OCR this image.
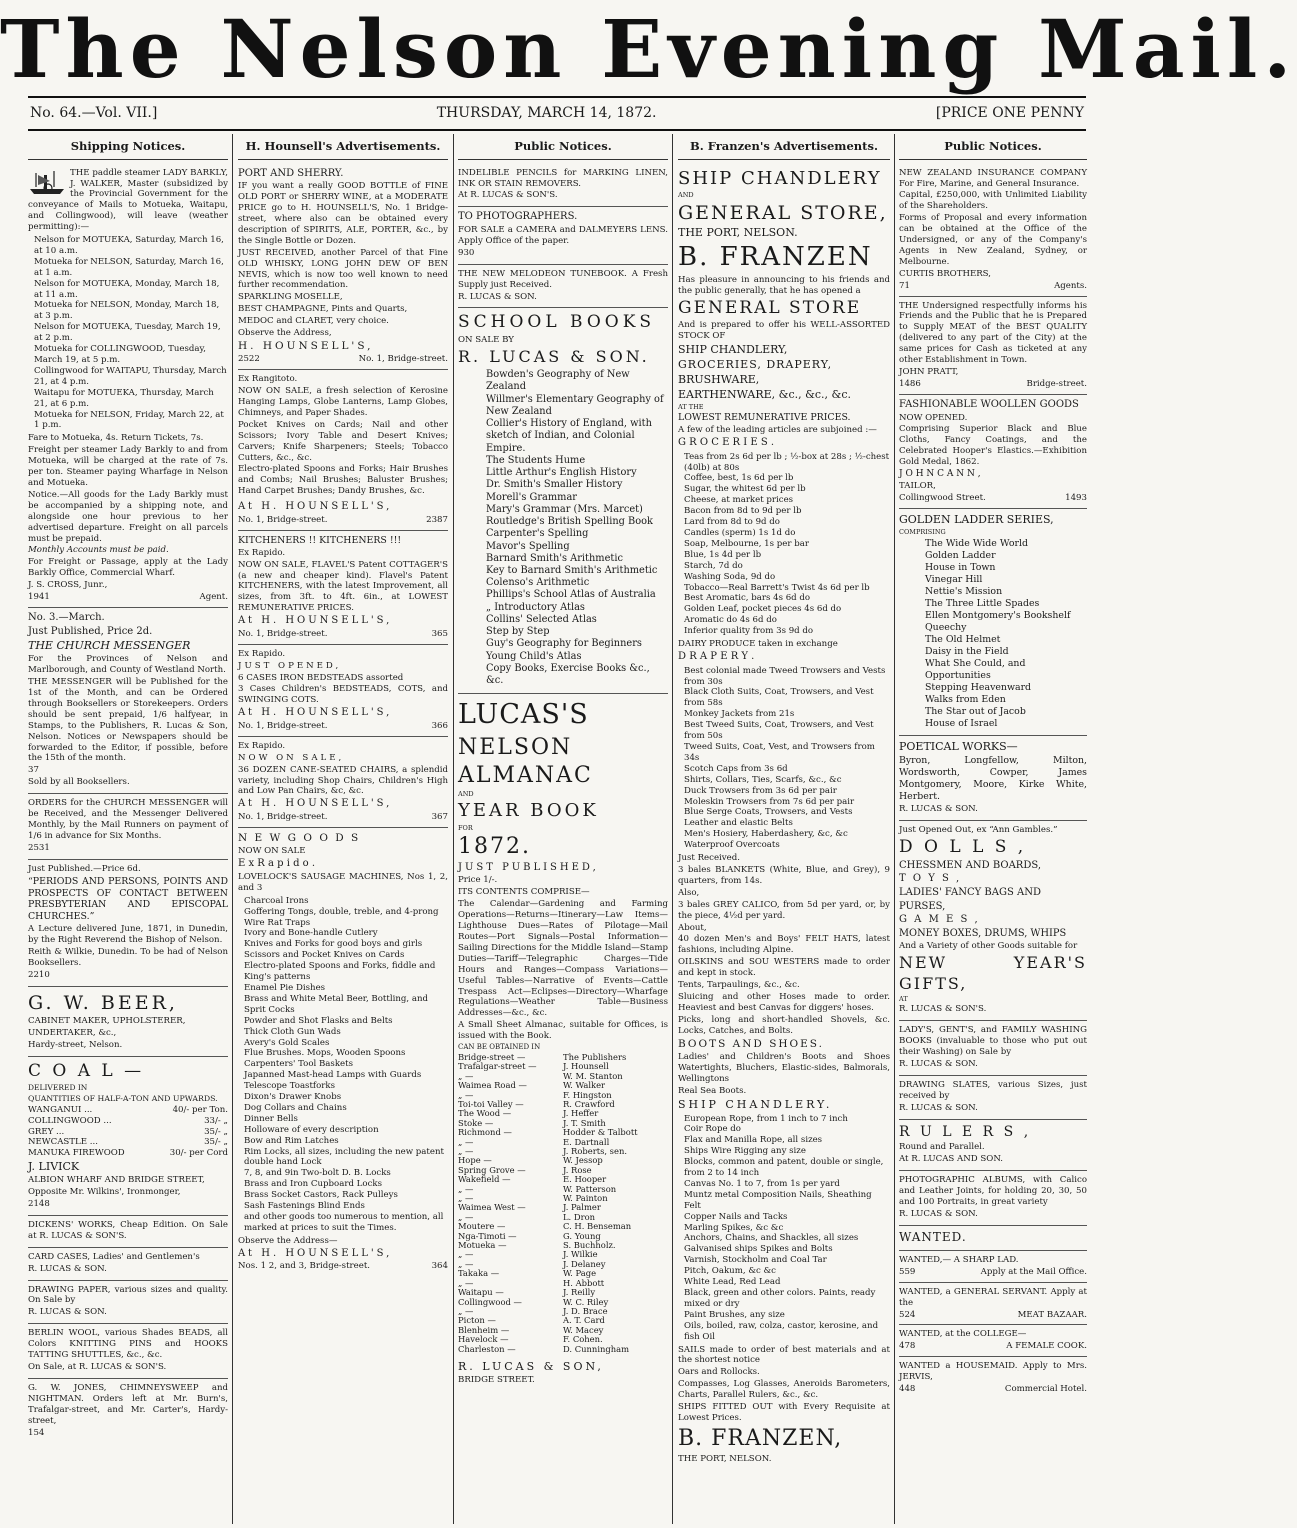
The Nelson Evening Mail.
No. 64.—Vol. VII.]	THURSDAY, MARCH 14, 1872.	[PRICE ONE PENNY
Shipping Notices.

THE paddle steamer LADY BARKLY, J. WALKER, Master (subsidized by the Provincial Government for the conveyance of Mails to Motueka, Waitapu, and Collingwood), will leave (weather permitting):—

Nelson for MOTUEKA, Saturday, March 16, at 10 a.m.
Motueka for NELSON, Saturday, March 16, at 1 a.m.
Nelson for MOTUEKA, Monday, March 18, at 11 a.m.
Motueka for NELSON, Monday, March 18, at 3 p.m.
Nelson for MOTUEKA, Tuesday, March 19, at 2 p.m.
Motueka for COLLINGWOOD, Tuesday, March 19, at 5 p.m.
Collingwood for WAITAPU, Thursday, March 21, at 4 p.m.
Waitapu for MOTUEKA, Thursday, March 21, at 6 p.m.
Motueka for NELSON, Friday, March 22, at 1 p.m.

Fare to Motueka, 4s. Return Tickets, 7s.

Freight per steamer Lady Barkly to and from Motueka, will be charged at the rate of 7s. per ton. Steamer paying Wharfage in Nelson and Motueka.

Notice.—All goods for the Lady Barkly must be accompanied by a shipping note, and alongside one hour previous to her advertised departure. Freight on all parcels must be prepaid.

Monthly Accounts must be paid.

For Freight or Passage, apply at the Lady Barkly Office, Commercial Wharf.

J. S. CROSS, Junr.,

1941	Agent.

No. 3.—March.

Just Published, Price 2d.

THE CHURCH MESSENGER

For the Provinces of Nelson and Marlborough, and County of Westland North.

THE MESSENGER will be Published for the 1st of the Month, and can be Ordered through Booksellers or Storekeepers. Orders should be sent prepaid, 1/6 halfyear, in Stamps, to the Publishers, R. Lucas & Son, Nelson. Notices or Newspapers should be forwarded to the Editor, if possible, before the 15th of the month.

37

Sold by all Booksellers.

ORDERS for the CHURCH MESSENGER will be Received, and the Messenger Delivered Monthly, by the Mail Runners on payment of 1/6 in advance for Six Months.

2531

Just Published.—Price 6d.

“PERIODS AND PERSONS, POINTS AND PROSPECTS OF CONTACT BETWEEN PRESBYTERIAN AND EPISCOPAL CHURCHES.”

A Lecture delivered June, 1871, in Dunedin, by the Right Reverend the Bishop of Nelson.

Reith & Wilkie, Dunedin. To be had of Nelson Booksellers.

2210

G. W. BEER,

CABINET MAKER, UPHOLSTERER,

UNDERTAKER, &c.,

Hardy-street, Nelson.

C O A L —

DELIVERED IN

QUANTITIES OF HALF-A-TON AND UPWARDS.

WANGANUI ...	40/- per Ton.
COLLINGWOOD ...	33/- „
GREY ...	35/- „
NEWCASTLE ...	35/- „
MANUKA FIREWOOD	30/- per Cord

J. LIVICK

ALBION WHARF AND BRIDGE STREET,

Opposite Mr. Wilkins', Ironmonger,

2148

DICKENS' WORKS, Cheap Edition. On Sale at R. LUCAS & SON'S.

CARD CASES, Ladies' and Gentlemen's

R. LUCAS & SON.

DRAWING PAPER, various sizes and quality. On Sale by

R. LUCAS & SON.

BERLIN WOOL, various Shades BEADS, all Colors KNITTING PINS and HOOKS TATTING SHUTTLES, &c., &c.

On Sale, at R. LUCAS & SON'S.

G. W. JONES, CHIMNEYSWEEP and NIGHTMAN. Orders left at Mr. Burn's, Trafalgar-street, and Mr. Carter's, Hardy-street,

154

H. Hounsell's Advertisements.

PORT AND SHERRY.

IF you want a really GOOD BOTTLE of FINE OLD PORT or SHERRY WINE, at a MODERATE PRICE go to H. HOUNSELL'S, No. 1 Bridge-street, where also can be obtained every description of SPIRITS, ALE, PORTER, &c., by the Single Bottle or Dozen.

JUST RECEIVED, another Parcel of that Fine OLD WHISKY, LONG JOHN DEW OF BEN NEVIS, which is now too well known to need further recommendation.

SPARKLING MOSELLE,

BEST CHAMPAGNE, Pints and Quarts,

MEDOC and CLARET, very choice.

Observe the Address,

H. HOUNSELL'S,

2522	No. 1, Bridge-street.

Ex Rangitoto.

NOW ON SALE, a fresh selection of Kerosine Hanging Lamps, Globe Lanterns, Lamp Globes, Chimneys, and Paper Shades.

Pocket Knives on Cards; Nail and other Scissors; Ivory Table and Desert Knives; Carvers; Knife Sharpeners; Steels; Tobacco Cutters, &c., &c.

Electro-plated Spoons and Forks; Hair Brushes and Combs; Nail Brushes; Baluster Brushes; Hand Carpet Brushes; Dandy Brushes, &c.

At H. HOUNSELL'S,

No. 1, Bridge-street.	2387

KITCHENERS !! KITCHENERS !!!

Ex Rapido.

NOW ON SALE, FLAVEL'S Patent COTTAGER'S (a new and cheaper kind). Flavel's Patent KITCHENERS, with the latest Improvement, all sizes, from 3ft. to 4ft. 6in., at LOWEST REMUNERATIVE PRICES.

At H. HOUNSELL'S,

No. 1, Bridge-street.	365

Ex Rapido.

JUST OPENED,

6 CASES IRON BEDSTEADS assorted

3 Cases Children's BEDSTEADS, COTS, and SWINGING COTS.

At H. HOUNSELL'S,

No. 1, Bridge-street.	366

Ex Rapido.

NOW ON SALE,

36 DOZEN CANE-SEATED CHAIRS, a splendid variety, including Shop Chairs, Children's High and Low Pan Chairs, &c, &c.

At H. HOUNSELL'S,

No. 1, Bridge-street.	367

N E W G O O D S

NOW ON SALE

E x R a p i d o .

LOVELOCK'S SAUSAGE MACHINES, Nos 1, 2, and 3

Charcoal Irons
Goffering Tongs, double, treble, and 4-prong
Wire Rat Traps
Ivory and Bone-handle Cutlery
Knives and Forks for good boys and girls
Scissors and Pocket Knives on Cards
Electro-plated Spoons and Forks, fiddle and King's patterns
Enamel Pie Dishes
Brass and White Metal Beer, Bottling, and Sprit Cocks
Powder and Shot Flasks and Belts
Thick Cloth Gun Wads
Avery's Gold Scales
Flue Brushes. Mops, Wooden Spoons
Carpenters' Tool Baskets
Japanned Mast-head Lamps with Guards
Telescope Toastforks
Dixon's Drawer Knobs
Dog Collars and Chains
Dinner Bells
Holloware of every description
Bow and Rim Latches
Rim Locks, all sizes, including the new patent double hand Lock
7, 8, and 9in Two-bolt D. B. Locks
Brass and Iron Cupboard Locks
Brass Socket Castors, Rack Pulleys
Sash Fastenings Blind Ends
and other goods too numerous to mention, all marked at prices to suit the Times.

Observe the Address—

At H. HOUNSELL'S,

Nos. 1 2, and 3, Bridge-street.	364
Public Notices.

INDELIBLE PENCILS for MARKING LINEN, INK OR STAIN REMOVERS.

At R. LUCAS & SON'S.

TO PHOTOGRAPHERS.

FOR SALE a CAMERA and DALMEYERS LENS. Apply Office of the paper.

930

THE NEW MELODEON TUNEBOOK. A Fresh Supply just Received.

R. LUCAS & SON.

SCHOOL BOOKS

ON SALE BY

R. LUCAS & SON.

Bowden's Geography of New Zealand
Willmer's Elementary Geography of New Zealand
Collier's History of England, with sketch of Indian, and Colonial Empire.
The Students Hume
Little Arthur's English History
Dr. Smith's Smaller History
Morell's Grammar
Mary's Grammar (Mrs. Marcet)
Routledge's British Spelling Book
Carpenter's Spelling
Mavor's Spelling
Barnard Smith's Arithmetic
Key to Barnard Smith's Arithmetic
Colenso's Arithmetic
Phillips's School Atlas of Australia
„ Introductory Atlas
Collins' Selected Atlas
Step by Step
Guy's Geography for Beginners
Young Child's Atlas
Copy Books, Exercise Books &c., &c.

LUCAS'S

NELSON ALMANAC

AND

YEAR BOOK

FOR

1872.

JUST PUBLISHED,

Price 1/-.

ITS CONTENTS COMPRISE—

The Calendar—Gardening and Farming Operations—Returns—Itinerary—Law Items—Lighthouse Dues—Rates of Pilotage—Mail Routes—Port Signals—Postal Information—Sailing Directions for the Middle Island—Stamp Duties—Tariff—Telegraphic Charges—Tide Hours and Ranges—Compass Variations—Useful Tables—Narrative of Events—Cattle Trespass Act—Eclipses—Directory—Wharfage Regulations—Weather Table—Business Addresses—&c., &c.

A Small Sheet Almanac, suitable for Offices, is issued with the Book.

CAN BE OBTAINED IN

Bridge-street —	The Publishers
Trafalgar-street —	J. Hounsell
„ —	W. M. Stanton
Waimea Road —	W. Walker
„ —	F. Hingston
Toi-toi Valley —	R. Crawford
The Wood —	J. Heffer
Stoke —	J. T. Smith
Richmond —	Hodder & Talbott
„ —	E. Dartnall
„ —	J. Roberts, sen.
Hope —	W. Jessop
Spring Grove —	J. Rose
Wakefield —	E. Hooper
„ —	W. Patterson
„ —	W. Painton
Waimea West —	J. Palmer
„ —	L. Dron
Moutere —	C. H. Benseman
Nga-Timoti —	G. Young
Motueka —	S. Buchholz.
„ —	J. Wilkie
„ —	J. Delaney
Takaka —	W. Page
„ —	H. Abbott
Waitapu —	J. Reilly
Collingwood —	W. C. Riley
„ —	J. D. Brace
Picton —	A. T. Card
Blenheim —	W. Macey
Havelock —	F. Cohen.
Charleston —	D. Cunningham

R. LUCAS & SON,

BRIDGE STREET.

B. Franzen's Advertisements.

SHIP CHANDLERY

AND

GENERAL STORE,

THE PORT, NELSON.

B. FRANZEN

Has pleasure in announcing to his friends and the public generally, that he has opened a

GENERAL STORE

And is prepared to offer his WELL-ASSORTED STOCK OF

SHIP CHANDLERY,

GROCERIES, DRAPERY,

BRUSHWARE,

EARTHENWARE, &c., &c., &c.

AT THE

LOWEST REMUNERATIVE PRICES.

A few of the leading articles are subjoined :—

G R O C E R I E S .

Teas from 2s 6d per lb ; ½-box at 28s ; ½-chest (40lb) at 80s
Coffee, best, 1s 6d per lb
Sugar, the whitest 6d per lb
Cheese, at market prices
Bacon from 8d to 9d per lb
Lard from 8d to 9d do
Candles (sperm) 1s 1d do
Soap, Melbourne, 1s per bar
Blue, 1s 4d per lb
Starch, 7d do
Washing Soda, 9d do
Tobacco—Real Barrett's Twist 4s 6d per lb
Best Aromatic, bars 4s 6d do
Golden Leaf, pocket pieces 4s 6d do
Aromatic do 4s 6d do
Inferior quality from 3s 9d do

DAIRY PRODUCE taken in exchange

D R A P E R Y .

Best colonial made Tweed Trowsers and Vests from 30s
Black Cloth Suits, Coat, Trowsers, and Vest from 58s
Monkey Jackets from 21s
Best Tweed Suits, Coat, Trowsers, and Vest from 50s
Tweed Suits, Coat, Vest, and Trowsers from 34s
Scotch Caps from 3s 6d
Shirts, Collars, Ties, Scarfs, &c., &c
Duck Trowsers from 3s 6d per pair
Moleskin Trowsers from 7s 6d per pair
Blue Serge Coats, Trowsers, and Vests
Leather and elastic Belts
Men's Hosiery, Haberdashery, &c, &c
Waterproof Overcoats

Just Received.

3 bales BLANKETS (White, Blue, and Grey), 9 quarters, from 14s.

Also,

3 bales GREY CALICO, from 5d per yard, or, by the piece, 4½d per yard.

About,

40 dozen Men's and Boys' FELT HATS, latest fashions, including Alpine.

OILSKINS and SOU WESTERS made to order and kept in stock.

Tents, Tarpaulings, &c., &c.

Sluicing and other Hoses made to order. Heaviest and best Canvas for diggers' hoses.

Picks, long and short-handled Shovels, &c. Locks, Catches, and Bolts.

BOOTS AND SHOES.

Ladies' and Children's Boots and Shoes Watertights, Bluchers, Elastic-sides, Balmorals, Wellingtons

Real Sea Boots.

SHIP CHANDLERY.

European Rope, from 1 inch to 7 inch
Coir Rope do
Flax and Manilla Rope, all sizes
Ships Wire Rigging any size
Blocks, common and patent, double or single, from 2 to 14 inch
Canvas No. 1 to 7, from 1s per yard
Muntz metal Composition Nails, Sheathing Felt
Copper Nails and Tacks
Marling Spikes, &c &c
Anchors, Chains, and Shackles, all sizes
Galvanised ships Spikes and Bolts
Varnish, Stockholm and Coal Tar
Pitch, Oakum, &c &c
White Lead, Red Lead
Black, green and other colors. Paints, ready mixed or dry
Paint Brushes, any size
Oils, boiled, raw, colza, castor, kerosine, and fish Oil

SAILS made to order of best materials and at the shortest notice

Oars and Rollocks.

Compasses, Log Glasses, Aneroids Barometers, Charts, Parallel Rulers, &c., &c.

SHIPS FITTED OUT with Every Requisite at Lowest Prices.

B. FRANZEN,

THE PORT, NELSON.

Public Notices.

NEW ZEALAND INSURANCE COMPANY For Fire, Marine, and General Insurance.

Capital, £250,000, with Unlimited Liability of the Shareholders.

Forms of Proposal and every information can be obtained at the Office of the Undersigned, or any of the Company's Agents in New Zealand, Sydney, or Melbourne.

CURTIS BROTHERS,

71	Agents.

THE Undersigned respectfully informs his Friends and the Public that he is Prepared to Supply MEAT of the BEST QUALITY (delivered to any part of the City) at the same prices for Cash as ticketed at any other Establishment in Town.

JOHN PRATT,

1486	Bridge-street.

FASHIONABLE WOOLLEN GOODS

NOW OPENED.

Comprising Superior Black and Blue Cloths, Fancy Coatings, and the Celebrated Hooper's Elastics.—Exhibition Gold Medal, 1862.

J O H N C A N N ,

TAILOR,

Collingwood Street.	1493

GOLDEN LADDER SERIES,

COMPRISING

The Wide Wide World
Golden Ladder
House in Town
Vinegar Hill
Nettie's Mission
The Three Little Spades
Ellen Montgomery's Bookshelf
Queechy
The Old Helmet
Daisy in the Field
What She Could, and Opportunities
Stepping Heavenward
Walks from Eden
The Star out of Jacob
House of Israel

POETICAL WORKS—

Byron, Longfellow, Milton, Wordsworth, Cowper, James Montgomery, Moore, Kirke White, Herbert.

R. LUCAS & SON.

Just Opened Out, ex “Ann Gambles.”

D O L L S ,

CHESSMEN AND BOARDS,

T O Y S ,

LADIES' FANCY BAGS AND

PURSES,

G A M E S ,

MONEY BOXES, DRUMS, WHIPS

And a Variety of other Goods suitable for

NEW YEAR'S GIFTS,

AT

R. LUCAS & SON'S.

LADY'S, GENT'S, and FAMILY WASHING BOOKS (invaluable to those who put out their Washing) on Sale by

R. LUCAS & SON.

DRAWING SLATES, various Sizes, just received by

R. LUCAS & SON.

R U L E R S ,

Round and Parallel.

At R. LUCAS AND SON.

PHOTOGRAPHIC ALBUMS, with Calico and Leather Joints, for holding 20, 30, 50 and 100 Portraits, in great variety

R. LUCAS & SON.

WANTED.

WANTED,— A SHARP LAD.

559	Apply at the Mail Office.

WANTED, a GENERAL SERVANT. Apply at the

524	MEAT BAZAAR.

WANTED, at the COLLEGE—

478	A FEMALE COOK.

WANTED a HOUSEMAID. Apply to Mrs. JERVIS,

448	Commercial Hotel.
